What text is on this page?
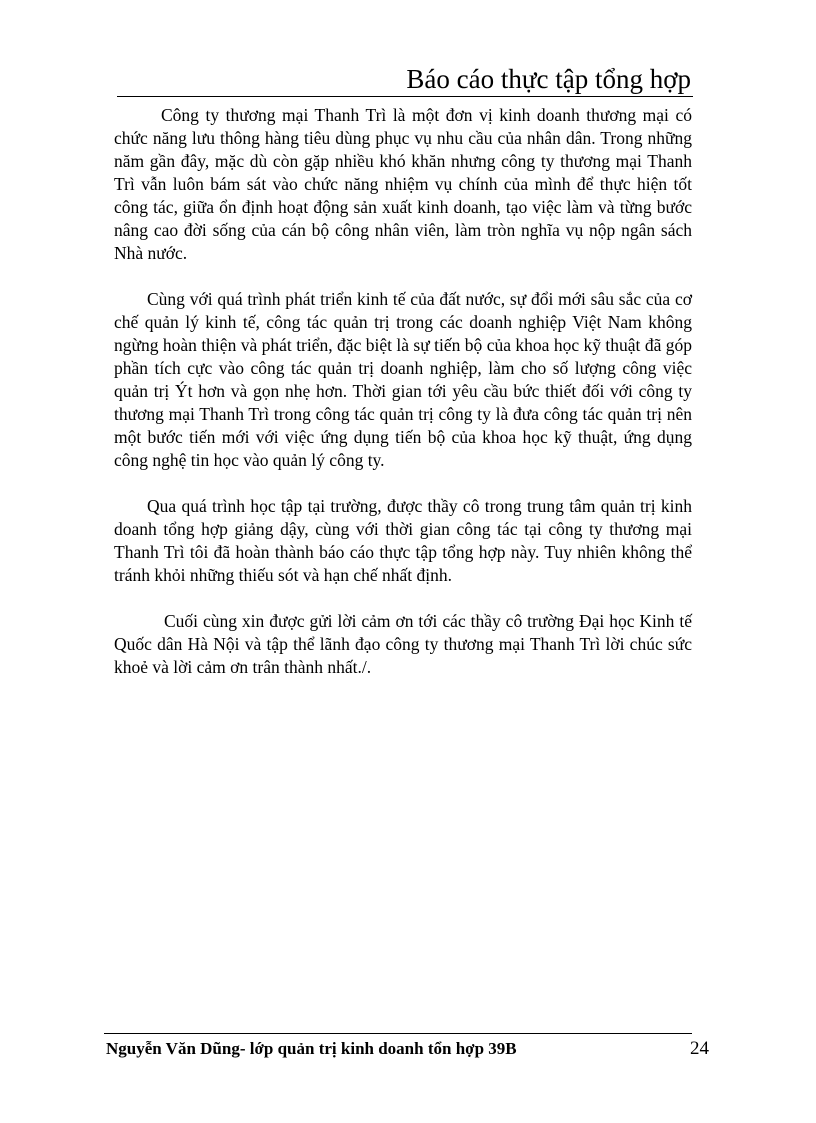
Báo cáo thực tập tổng hợp

Công ty thương mại Thanh Trì là một đơn vị kinh doanh thương mại có chức năng lưu thông hàng tiêu dùng phục vụ nhu cầu của nhân dân. Trong những năm gần đây, mặc dù còn gặp nhiều khó khăn nhưng công ty thương mại Thanh Trì vẫn luôn bám sát vào chức năng nhiệm vụ chính của mình để thực hiện tốt công tác, giữa ổn định hoạt động sản xuất kinh doanh, tạo việc làm và từng bước nâng cao đời sống của cán bộ công nhân viên, làm tròn nghĩa vụ nộp ngân sách Nhà nước.

Cùng với quá trình phát triển kinh tế của đất nước, sự đổi mới sâu sắc của cơ chế quản lý kinh tế, công tác quản trị trong các doanh nghiệp Việt Nam không ngừng hoàn thiện và phát triển, đặc biệt là sự tiến bộ của khoa học kỹ thuật đã góp phần tích cực vào công tác quản trị doanh nghiệp, làm cho số lượng công việc quản trị Ýt hơn và gọn nhẹ hơn. Thời gian tới yêu cầu bức thiết đối với công ty thương mại Thanh Trì trong công tác quản trị công ty là đưa công tác quản trị nên một bước tiến mới với việc ứng dụng tiến bộ của khoa học kỹ thuật, ứng dụng công nghệ tin học vào quản lý công ty.

Qua quá trình học tập tại trường, được thầy cô trong trung tâm quản trị kinh doanh tổng hợp giảng dậy, cùng với thời gian công tác tại công ty thương mại Thanh Trì tôi đã hoàn thành báo cáo thực tập tổng hợp này. Tuy nhiên không thể tránh khỏi những thiếu sót và hạn chế nhất định.

Cuối cùng xin được gửi lời cảm ơn tới các thầy cô trường Đại học Kinh tế Quốc dân Hà Nội và tập thể lãnh đạo công ty thương mại Thanh Trì lời chúc sức khoẻ và lời cảm ơn trân thành nhất./.

Nguyễn Văn Dũng- lớp quản trị kinh doanh tổn hợp 39B	24
